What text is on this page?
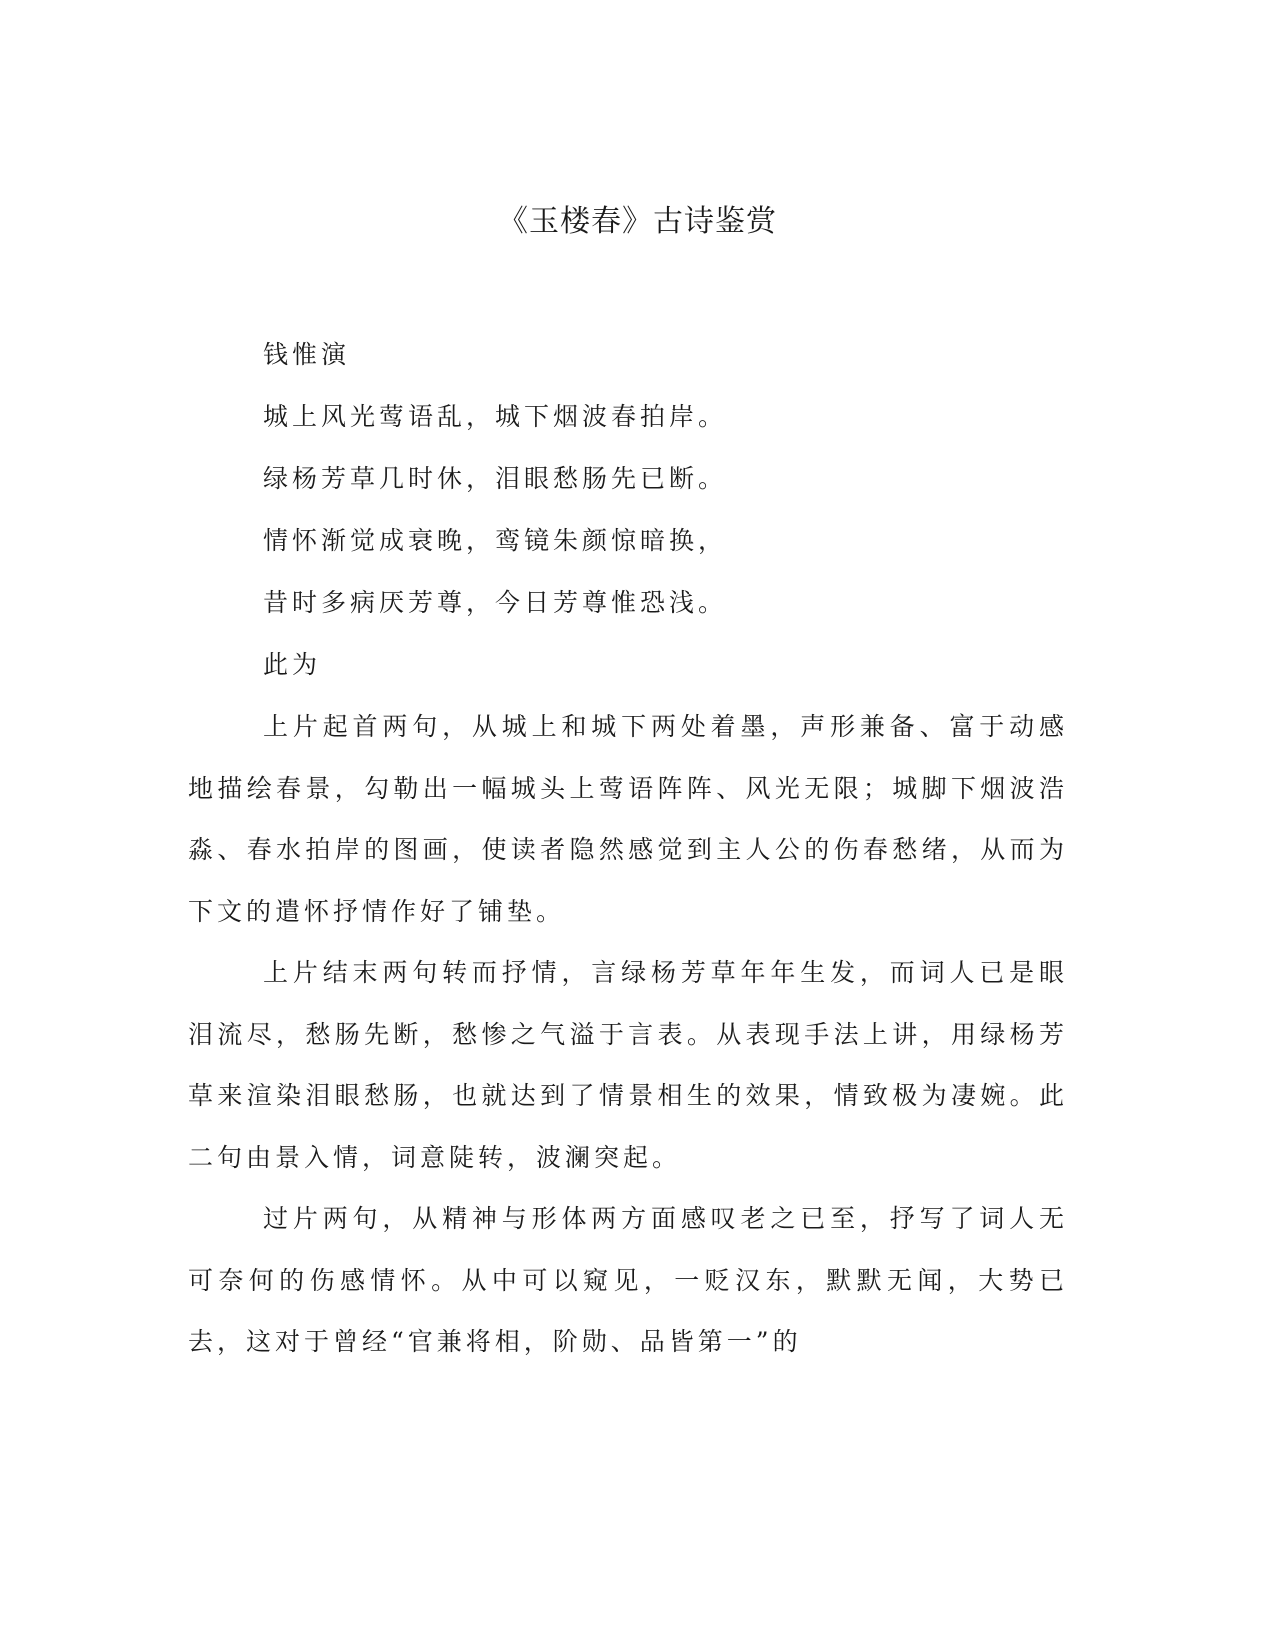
《玉楼春》古诗鉴赏
钱惟演
城上风光莺语乱，城下烟波春拍岸。
绿杨芳草几时休，泪眼愁肠先已断。
情怀渐觉成衰晚，鸾镜朱颜惊暗换，
昔时多病厌芳尊，今日芳尊惟恐浅。
此为

上片起首两句，从城上和城下两处着墨，声形兼备、富于动感地描绘春景，勾勒出一幅城头上莺语阵阵、风光无限；城脚下烟波浩淼、春水拍岸的图画，使读者隐然感觉到主人公的伤春愁绪，从而为下文的遣怀抒情作好了铺垫。

上片结末两句转而抒情，言绿杨芳草年年生发，而词人已是眼泪流尽，愁肠先断，愁惨之气溢于言表。从表现手法上讲，用绿杨芳草来渲染泪眼愁肠，也就达到了情景相生的效果，情致极为凄婉。此二句由景入情，词意陡转，波澜突起。

过片两句，从精神与形体两方面感叹老之已至，抒写了词人无可奈何的伤感情怀。从中可以窥见，一贬汉东，默默无闻，大势已去，这对于曾经“官兼将相，阶勋、品皆第一”的
